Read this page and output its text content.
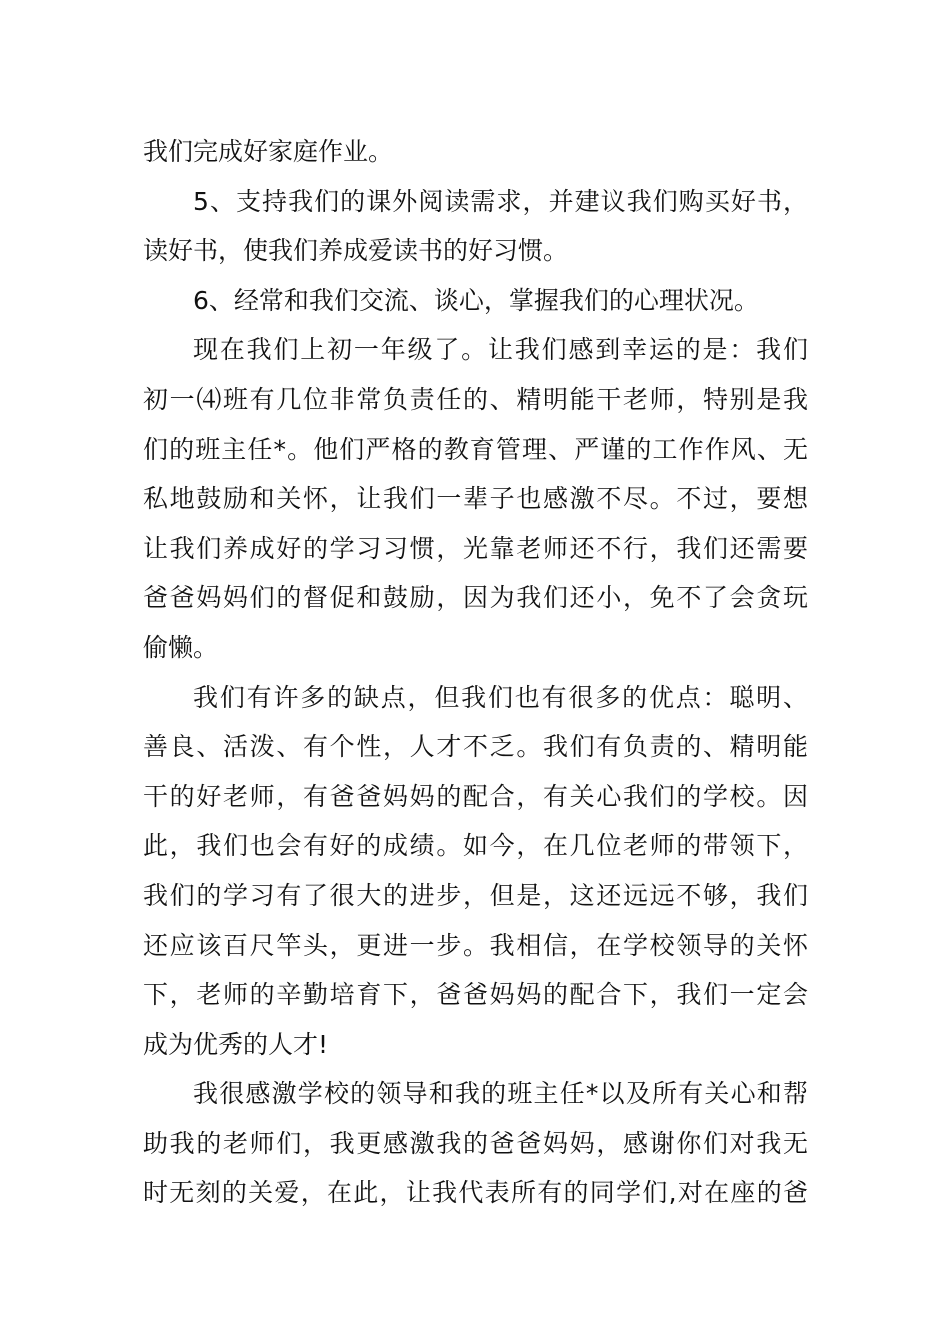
我们完成好家庭作业。
5、支持我们的课外阅读需求，并建议我们购买好书，
读好书，使我们养成爱读书的好习惯。
6、经常和我们交流、谈心，掌握我们的心理状况。
现在我们上初一年级了。让我们感到幸运的是：我们
初一⑷班有几位非常负责任的、精明能干老师，特别是我
们的班主任*。他们严格的教育管理、严谨的工作作风、无
私地鼓励和关怀，让我们一辈子也感激不尽。不过，要想
让我们养成好的学习习惯，光靠老师还不行，我们还需要
爸爸妈妈们的督促和鼓励，因为我们还小，免不了会贪玩
偷懒。
我们有许多的缺点，但我们也有很多的优点：聪明、
善良、活泼、有个性，人才不乏。我们有负责的、精明能
干的好老师，有爸爸妈妈的配合，有关心我们的学校。因
此，我们也会有好的成绩。如今，在几位老师的带领下，
我们的学习有了很大的进步，但是，这还远远不够，我们
还应该百尺竿头，更进一步。我相信，在学校领导的关怀
下，老师的辛勤培育下，爸爸妈妈的配合下，我们一定会
成为优秀的人才!
我很感激学校的领导和我的班主任*以及所有关心和帮
助我的老师们，我更感激我的爸爸妈妈，感谢你们对我无
时无刻的关爱，在此，让我代表所有的同学们,对在座的爸
